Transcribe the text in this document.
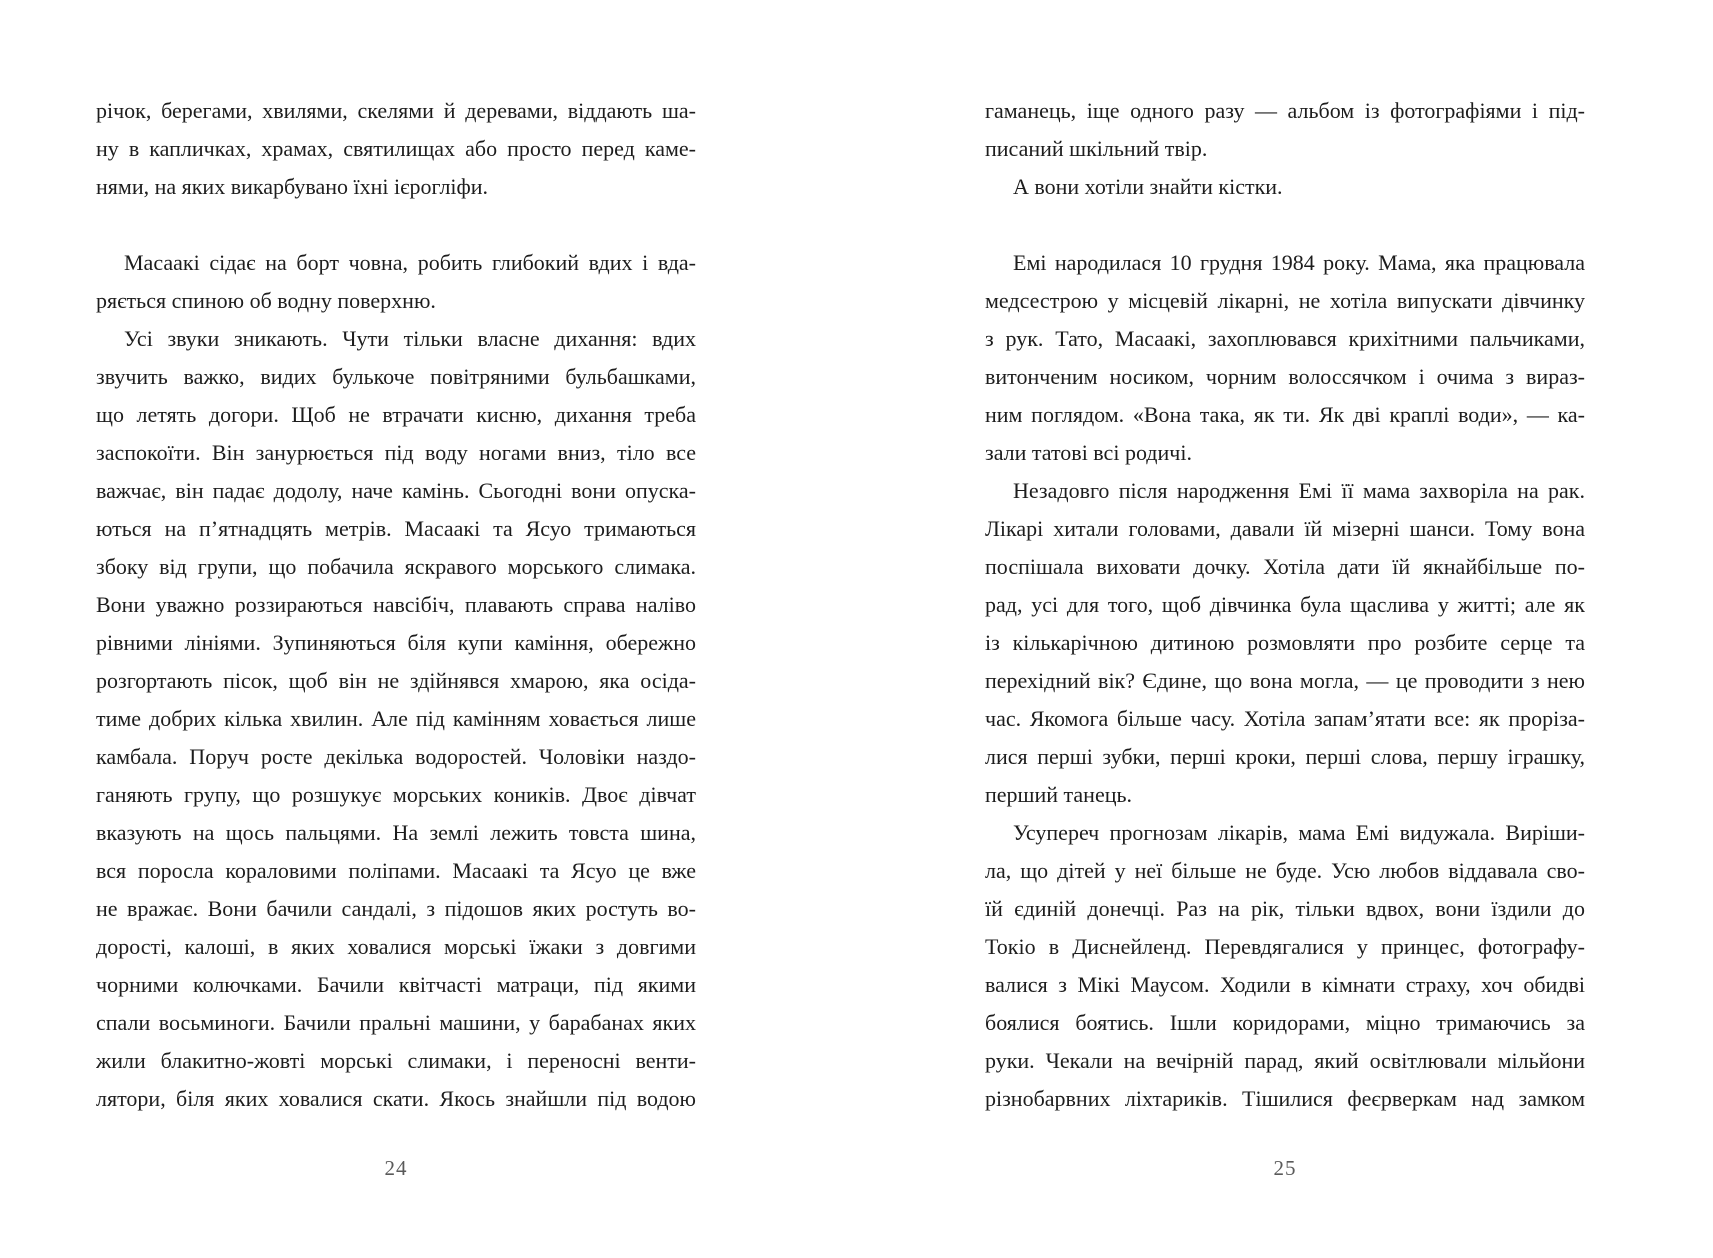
річок, берегами, хвилями, скелями й деревами, віддають ша-
ну в капличках, храмах, святилищах або просто перед каме-
нями, на яких викарбувано їхні ієрогліфи.
Масаакі сідає на борт човна, робить глибокий вдих і вда-
ряється спиною об водну поверхню.
Усі звуки зникають. Чути тільки власне дихання: вдих
звучить важко, видих булькоче повітряними бульбашками,
що летять догори. Щоб не втрачати кисню, дихання треба
заспокоїти. Він занурюється під воду ногами вниз, тіло все
важчає, він падає додолу, наче камінь. Сьогодні вони опуска-
ються на п’ятнадцять метрів. Масаакі та Ясуо тримаються
збоку від групи, що побачила яскравого морського слимака.
Вони уважно роззираються навсібіч, плавають справа наліво
рівними лініями. Зупиняються біля купи каміння, обережно
розгортають пісок, щоб він не здійнявся хмарою, яка осіда-
тиме добрих кілька хвилин. Але під камінням ховається лише
камбала. Поруч росте декілька водоростей. Чоловіки наздо-
ганяють групу, що розшукує морських коників. Двоє дівчат
вказують на щось пальцями. На землі лежить товста шина,
вся поросла кораловими поліпами. Масаакі та Ясуо це вже
не вражає. Вони бачили сандалі, з підошов яких ростуть во-
дорості, калоші, в яких ховалися морські їжаки з довгими
чорними колючками. Бачили квітчасті матраци, під якими
спали восьминоги. Бачили пральні машини, у барабанах яких
жили блакитно-жовті морські слимаки, і переносні венти-
лятори, біля яких ховалися скати. Якось знайшли під водою
24
гаманець, іще одного разу — альбом із фотографіями і під-
писаний шкільний твір.
А вони хотіли знайти кістки.
Емі народилася 10 грудня 1984 року. Мама, яка працювала
медсестрою у місцевій лікарні, не хотіла випускати дівчинку
з рук. Тато, Масаакі, захоплювався крихітними пальчиками,
витонченим носиком, чорним волоссячком і очима з вираз-
ним поглядом. «Вона така, як ти. Як дві краплі води», — ка-
зали татові всі родичі.
Незадовго після народження Емі її мама захворіла на рак.
Лікарі хитали головами, давали їй мізерні шанси. Тому вона
поспішала виховати дочку. Хотіла дати їй якнайбільше по-
рад, усі для того, щоб дівчинка була щаслива у житті; але як
із кількарічною дитиною розмовляти про розбите серце та
перехідний вік? Єдине, що вона могла, — це проводити з нею
час. Якомога більше часу. Хотіла запам’ятати все: як проріза-
лися перші зубки, перші кроки, перші слова, першу іграшку,
перший танець.
Усупереч прогнозам лікарів, мама Емі видужала. Виріши-
ла, що дітей у неї більше не буде. Усю любов віддавала сво-
їй єдиній донечці. Раз на рік, тільки вдвох, вони їздили до
Токіо в Диснейленд. Перевдягалися у принцес, фотографу-
валися з Мікі Маусом. Ходили в кімнати страху, хоч обидві
боялися боятись. Ішли коридорами, міцно тримаючись за
руки. Чекали на вечірній парад, який освітлювали мільйони
різнобарвних ліхтариків. Тішилися феєрверкам над замком
25
